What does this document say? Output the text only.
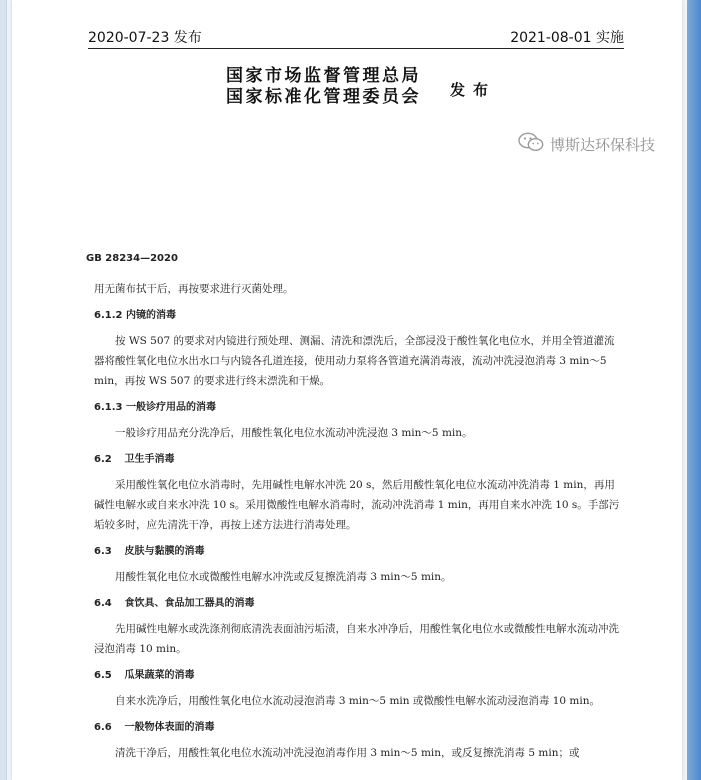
2020-07-23 发布	2021-08-01 实施
国家市场监督管理总局
国家标准化管理委员会	发布
博斯达环保科技
GB 28234—2020

用无菌布拭干后，再按要求进行灭菌处理。

6.1.2 内镜的消毒

按 WS 507 的要求对内镜进行预处理、测漏、清洗和漂洗后，全部浸没于酸性氧化电位水，并用全管道灌流器将酸性氧化电位水出水口与内镜各孔道连接，使用动力泵将各管道充满消毒液，流动冲洗浸泡消毒 3 min～5 min，再按 WS 507 的要求进行终末漂洗和干燥。

6.1.3 一般诊疗用品的消毒

一般诊疗用品充分洗净后，用酸性氧化电位水流动冲洗浸泡 3 min～5 min。

6.2 卫生手消毒

采用酸性氧化电位水消毒时，先用碱性电解水冲洗 20 s，然后用酸性氧化电位水流动冲洗消毒 1 min，再用碱性电解水或自来水冲洗 10 s。采用微酸性电解水消毒时，流动冲洗消毒 1 min，再用自来水冲洗 10 s。手部污垢较多时，应先清洗干净，再按上述方法进行消毒处理。

6.3 皮肤与黏膜的消毒

用酸性氧化电位水或微酸性电解水冲洗或反复擦洗消毒 3 min～5 min。

6.4 食饮具、食品加工器具的消毒

先用碱性电解水或洗涤剂彻底清洗表面油污垢渍，自来水冲净后，用酸性氧化电位水或微酸性电解水流动冲洗浸泡消毒 10 min。

6.5 瓜果蔬菜的消毒

自来水洗净后，用酸性氧化电位水流动浸泡消毒 3 min～5 min 或微酸性电解水流动浸泡消毒 10 min。

6.6 一般物体表面的消毒

清洗干净后，用酸性氧化电位水流动冲洗浸泡消毒作用 3 min～5 min，或反复擦洗消毒 5 min；或
